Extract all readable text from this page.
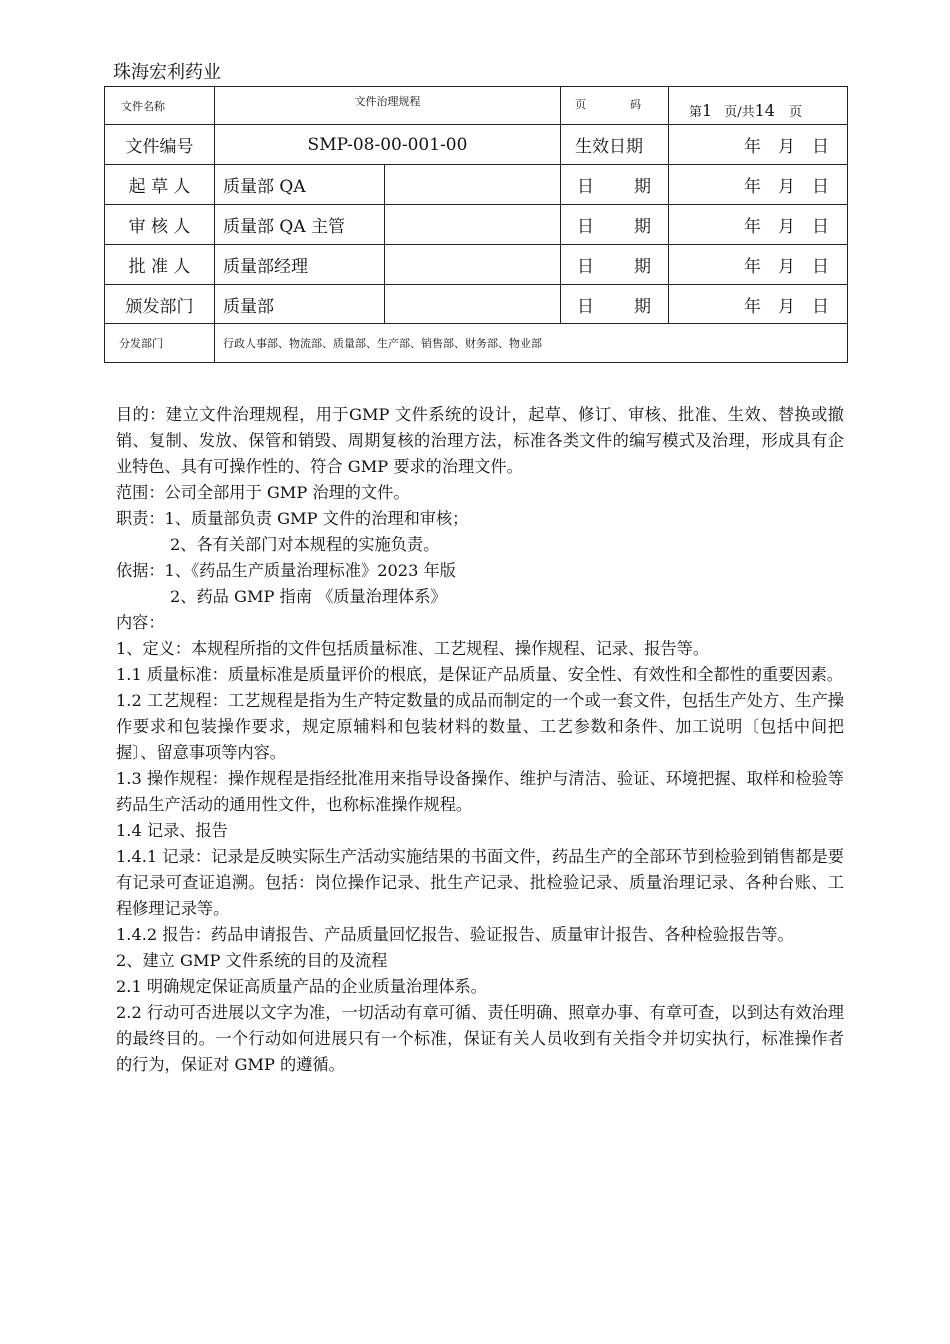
珠海宏利药业
文件名称	文件治理规程		页 码	第1 页/共14 页
文件编号	SMP-08-00-001-00		生效日期	年　月　日
起 草 人	质量部 QA		日 期	年　月　日
审 核 人	质量部 QA 主管		日 期	年　月　日
批 准 人	质量部经理		日 期	年　月　日
颁发部门	质量部		日 期	年　月　日
分发部门	行政人事部、物流部、质量部、生产部、销售部、财务部、物业部			

目的：建立文件治理规程，用于GMP 文件系统的设计，起草、修订、审核、批准、生效、替换或撤销、复制、发放、保管和销毁、周期复核的治理方法，标准各类文件的编写模式及治理，形成具有企业特色、具有可操作性的、符合 GMP 要求的治理文件。

范围：公司全部用于 GMP 治理的文件。

职责：1、质量部负责 GMP 文件的治理和审核；

2、各有关部门对本规程的实施负责。

依据：1、《药品生产质量治理标准》2023 年版

2、药品 GMP 指南 《质量治理体系》

内容：

1、定义：本规程所指的文件包括质量标准、工艺规程、操作规程、记录、报告等。

1.1 质量标准：质量标准是质量评价的根底，是保证产品质量、安全性、有效性和全都性的重要因素。

1.2 工艺规程：工艺规程是指为生产特定数量的成品而制定的一个或一套文件，包括生产处方、生产操作要求和包装操作要求，规定原辅料和包装材料的数量、工艺参数和条件、加工说明〔包括中间把握〕、留意事项等内容。

1.3 操作规程：操作规程是指经批准用来指导设备操作、维护与清洁、验证、环境把握、取样和检验等药品生产活动的通用性文件，也称标准操作规程。

1.4 记录、报告

1.4.1 记录：记录是反映实际生产活动实施结果的书面文件，药品生产的全部环节到检验到销售都是要有记录可查证追溯。包括：岗位操作记录、批生产记录、批检验记录、质量治理记录、各种台账、工程修理记录等。

1.4.2 报告：药品申请报告、产品质量回忆报告、验证报告、质量审计报告、各种检验报告等。

2、建立 GMP 文件系统的目的及流程

2.1 明确规定保证高质量产品的企业质量治理体系。

2.2 行动可否进展以文字为准，一切活动有章可循、责任明确、照章办事、有章可查，以到达有效治理的最终目的。一个行动如何进展只有一个标准，保证有关人员收到有关指令并切实执行，标准操作者的行为，保证对 GMP 的遵循。
